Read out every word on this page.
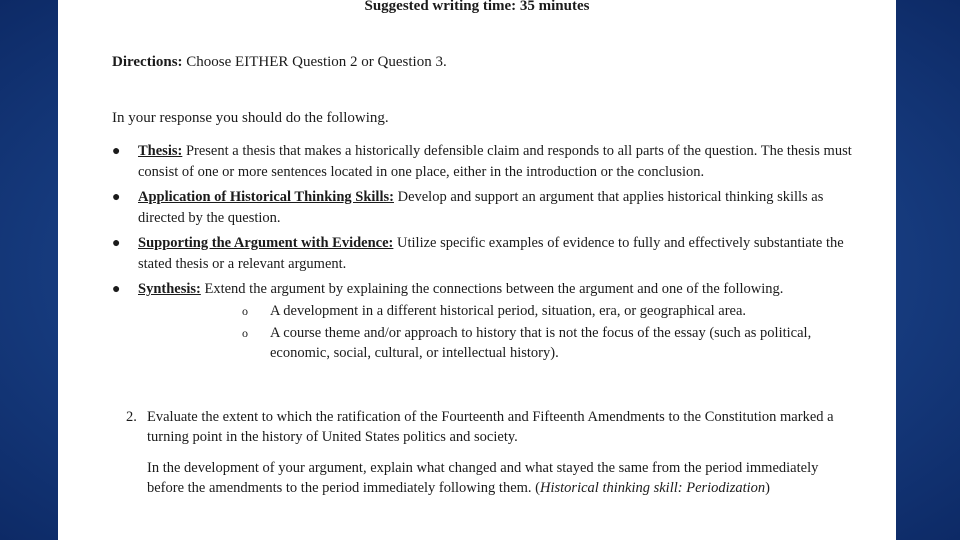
Suggested writing time: 35 minutes
Directions: Choose EITHER Question 2 or Question 3.
In your response you should do the following.
● Thesis: Present a thesis that makes a historically defensible claim and responds to all parts of the question. The thesis must consist of one or more sentences located in one place, either in the introduction or the conclusion.
● Application of Historical Thinking Skills: Develop and support an argument that applies historical thinking skills as directed by the question.
● Supporting the Argument with Evidence: Utilize specific examples of evidence to fully and effectively substantiate the stated thesis or a relevant argument.
● Synthesis: Extend the argument by explaining the connections between the argument and one of the following.
o A development in a different historical period, situation, era, or geographical area.
o A course theme and/or approach to history that is not the focus of the essay (such as political, economic, social, cultural, or intellectual history).
2. Evaluate the extent to which the ratification of the Fourteenth and Fifteenth Amendments to the Constitution marked a turning point in the history of United States politics and society.
In the development of your argument, explain what changed and what stayed the same from the period immediately before the amendments to the period immediately following them. (Historical thinking skill: Periodization)
